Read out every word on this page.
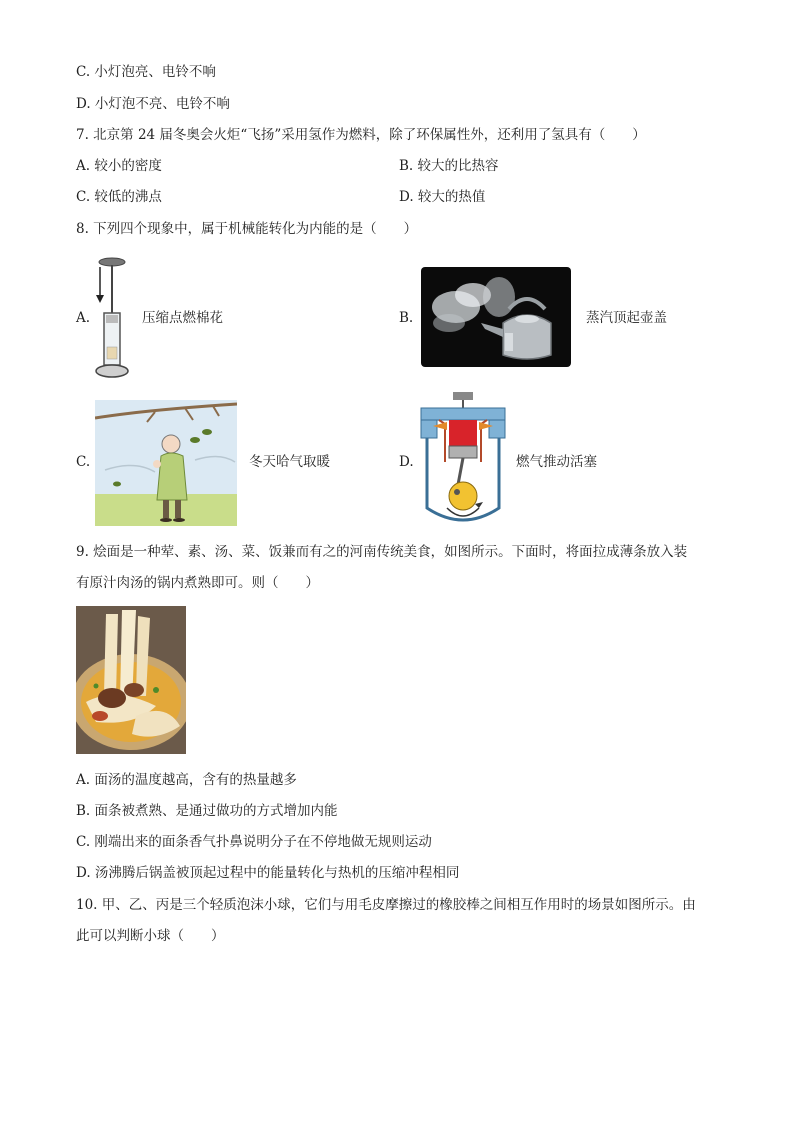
C. 小灯泡亮、电铃不响
D. 小灯泡不亮、电铃不响
7. 北京第 24 届冬奥会火炬“飞扬”采用氢作为燃料，除了环保属性外，还利用了氢具有（　　）
A. 较小的密度	B. 较大的比热容
C. 较低的沸点	D. 较大的热值
8. 下列四个现象中，属于机械能转化为内能的是（　　）
A.	压缩点燃棉花	B.	蒸汽顶起壶盖
C.	冬天哈气取暖	D.	燃气推动活塞
9. 烩面是一种荤、素、汤、菜、饭兼而有之的河南传统美食，如图所示。下面时，将面拉成薄条放入装
有原汁肉汤的锅内煮熟即可。则（　　）
A. 面汤的温度越高，含有的热量越多
B. 面条被煮熟、是通过做功的方式增加内能
C. 刚端出来的面条香气扑鼻说明分子在不停地做无规则运动
D. 汤沸腾后锅盖被顶起过程中的能量转化与热机的压缩冲程相同
10. 甲、乙、丙是三个轻质泡沫小球，它们与用毛皮摩擦过的橡胶棒之间相互作用时的场景如图所示。由
此可以判断小球（　　）
